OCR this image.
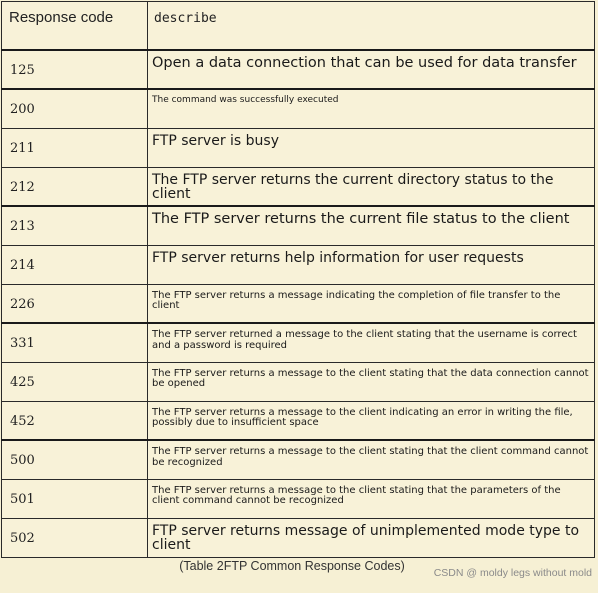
Response code	describe
125	Open a data connection that can be used for data transfer
200	The command was successfully executed
211	FTP server is busy
212	The FTP server returns the current directory status to the client
213	The FTP server returns the current file status to the client
214	FTP server returns help information for user requests
226	The FTP server returns a message indicating the completion of file transfer to the client
331	The FTP server returned a message to the client stating that the username is correct and a password is required
425	The FTP server returns a message to the client stating that the data connection cannot be opened
452	The FTP server returns a message to the client indicating an error in writing the file, possibly due to insufficient space
500	The FTP server returns a message to the client stating that the client command cannot be recognized
501	The FTP server returns a message to the client stating that the parameters of the client command cannot be recognized
502	FTP server returns message of unimplemented mode type to client
(Table 2FTP Common Response Codes)	CSDN @ moldy legs without mold
